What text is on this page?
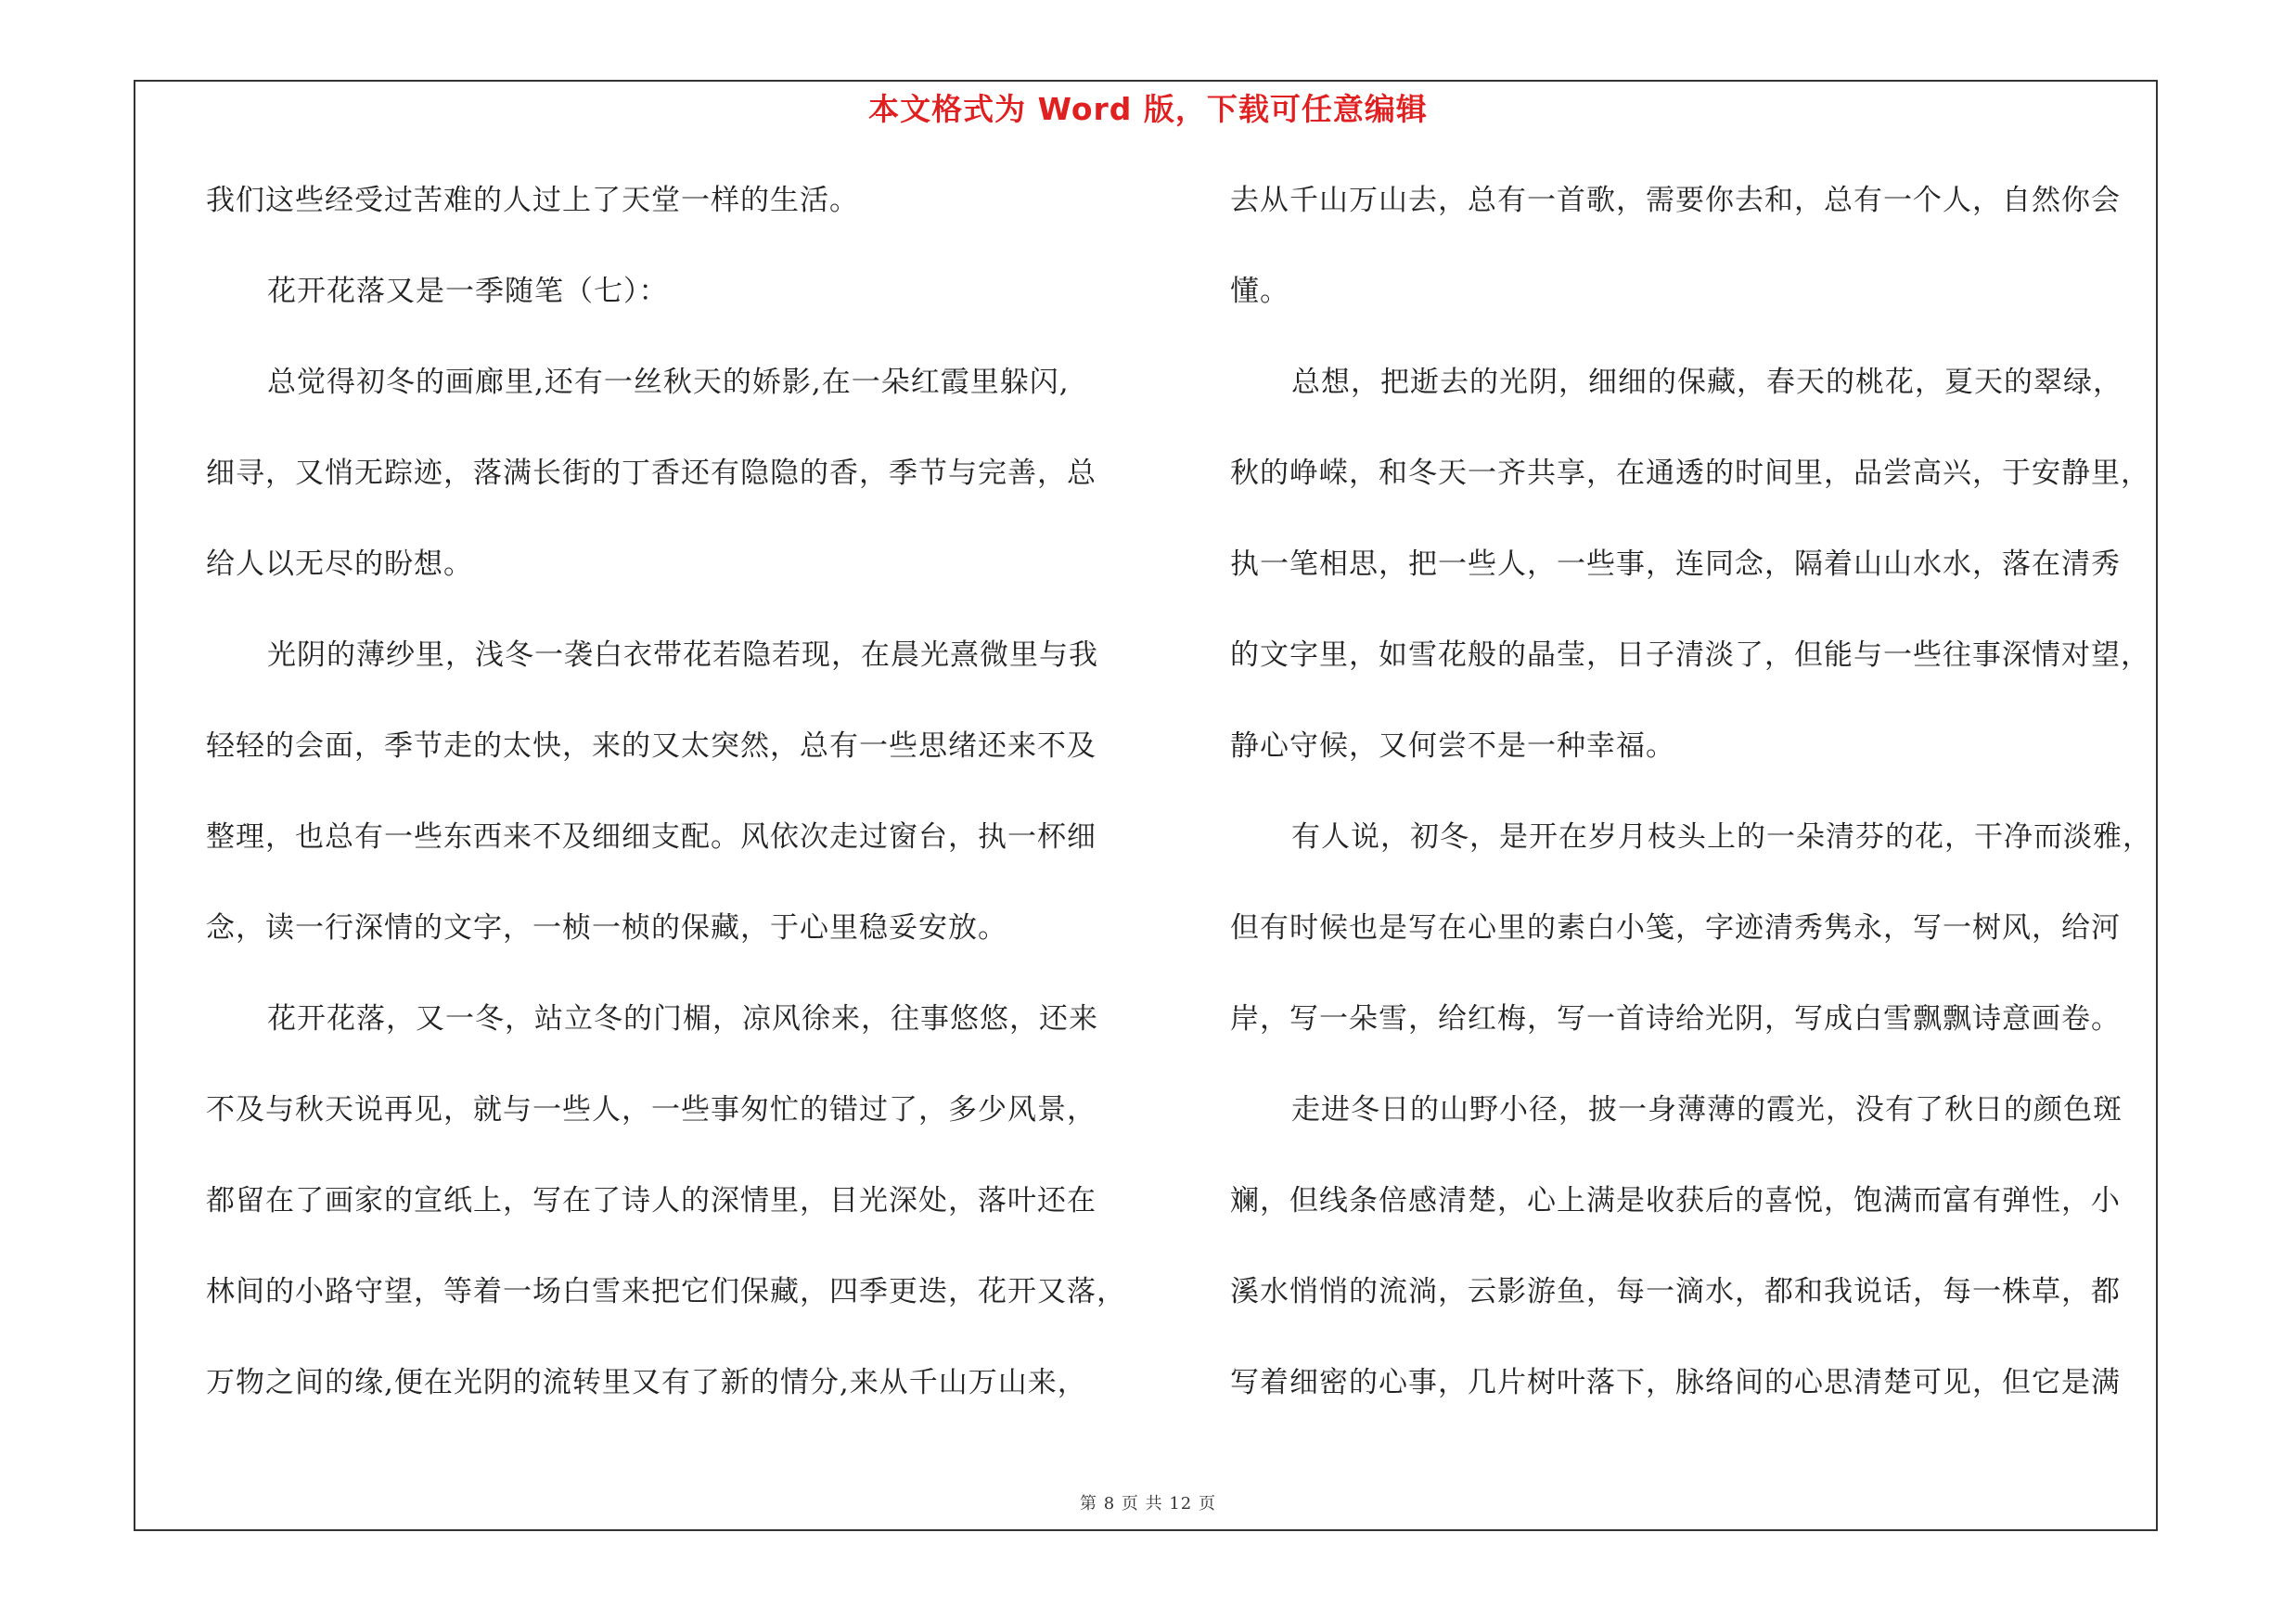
本文格式为 Word 版，下载可任意编辑
我们这些经受过苦难的人过上了天堂一样的生活。
花开花落又是一季随笔（七）：
总觉得初冬的画廊里,还有一丝秋天的娇影,在一朵红霞里躲闪,
细寻，又悄无踪迹，落满长街的丁香还有隐隐的香，季节与完善，总
给人以无尽的盼想。
光阴的薄纱里，浅冬一袭白衣带花若隐若现，在晨光熹微里与我
轻轻的会面，季节走的太快，来的又太突然，总有一些思绪还来不及
整理，也总有一些东西来不及细细支配。风依次走过窗台，执一杯细
念，读一行深情的文字，一桢一桢的保藏，于心里稳妥安放。
花开花落，又一冬，站立冬的门楣，凉风徐来，往事悠悠，还来
不及与秋天说再见，就与一些人，一些事匆忙的错过了，多少风景，
都留在了画家的宣纸上，写在了诗人的深情里，目光深处，落叶还在
林间的小路守望，等着一场白雪来把它们保藏，四季更迭，花开又落，
万物之间的缘,便在光阴的流转里又有了新的情分,来从千山万山来，
去从千山万山去，总有一首歌，需要你去和，总有一个人，自然你会
懂。
总想，把逝去的光阴，细细的保藏，春天的桃花，夏天的翠绿，
秋的峥嵘，和冬天一齐共享，在通透的时间里，品尝高兴，于安静里，
执一笔相思，把一些人，一些事，连同念，隔着山山水水，落在清秀
的文字里，如雪花般的晶莹，日子清淡了，但能与一些往事深情对望，
静心守候，又何尝不是一种幸福。
有人说，初冬，是开在岁月枝头上的一朵清芬的花，干净而淡雅，
但有时候也是写在心里的素白小笺，字迹清秀隽永，写一树风，给河
岸，写一朵雪，给红梅，写一首诗给光阴，写成白雪飘飘诗意画卷。
走进冬日的山野小径，披一身薄薄的霞光，没有了秋日的颜色斑
斓，但线条倍感清楚，心上满是收获后的喜悦，饱满而富有弹性，小
溪水悄悄的流淌，云影游鱼，每一滴水，都和我说话，每一株草，都
写着细密的心事，几片树叶落下，脉络间的心思清楚可见，但它是满
第 8 页 共 12 页
